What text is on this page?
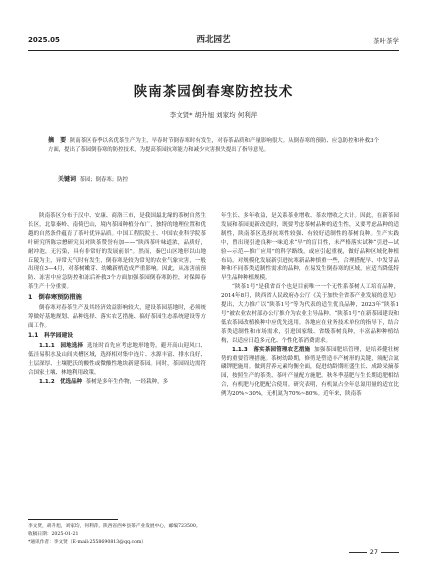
2025.05	西北园艺	茶叶茶学
陕南茶园倒春寒防控技术
李文贤* 胡升旭 刘家均 何利萍
摘　要 陕南茶区春季以名优茶生产为主，早春时节倒春寒时有发生，对春茶品质和产量影响很大。从倒春寒的预防、应急防控和补救3个方面，提出了茶园倒春寒的防控技术，为提高茶园抗寒能力和减少灾害损失提出了指导意见。
关键词 茶园；倒春寒；防控

陕南茶区分布于汉中、安康、商洛三市，是我国最北缘的茶树自然生长区，北靠秦岭、南倚巴山，境内茶园种植分布广，独特的地理位置和优越的自然条件蕴育了茶叶优异品质。中国工程院院士、中国农业科学院茶叶研究所陈宗懋研究员对陕茶赞誉有加——“陕西茶叶味道浓，品质好，耐冲泡，无污染，具有非常好的发展前景”。然而，秦巴山区地形以山地丘陵为主，异常天气时有发生，倒春寒是较为常见的农业气象灾害，一般出现在3—4月，对茶树嫩芽、幼嫩新梢造成严重影响。因此，从冻害前预防、冻害中应急防控和冻后补救3个方面加强茶园倒春寒防控，对保障春茶生产十分重要。

1　倒春寒预防措施

倒春寒对春茶生产及其经济效益影响较大，建设茶园基地时，必须统筹做好基地规划、品种选择、落实农艺措施、搞好茶园生态系统建设等方面工作。

1.1　科学园建设

1.1.1　园地选择 选址时首先应考虑地形地势，避开高山迎风口、低洼易积水及山间夹槽区域，选择相对集中连片、水源丰富、排水良好、土层深厚、土壤肥沃的酸性或微酸性地块新建茶园。同时，茶园周边需符合国家土壤、林地利用政策。

1.1.2　优选品种 茶树是多年生作物，一经栽种，多

年生长、多年收益，是关系茶业增收、茶农增收之大计。因此，在新茶园发展和茶园更新改造时，既要考虑茶树品种的适生性，又要考虑品种的适制性，陕南茶区选择抗寒性较强、有较好适制性的茶树良种。生产实践中，曾出现引进良种一味追求“早”的盲目性，未严格落实试种“引进—试验—示范—推广应用”的科学路线，或应引起重视，做好品种区域化种植布局，对规模化发展新引进抗寒新品种慎重一些，合理搭配早、中发芽品种和不同茶类适制性需求的品种，在易发生倒春寒的区域，应适当降低特早生品种种植规模。

“陕茶1号”是我省首个也是目前唯一一个无性系茶树人工培育品种，2014年8月，陕西省人民政府办公厅《关于加快全省茶产业发展的意见》提出，大力推广以“陕茶1号”等为代表的适生优良品种，2023年“陕茶1号”被农业农村部办公厅推介为农业主导品种。“陕茶1号”在新茶园建设和低农茶园改植换种中应优先选用。各地应在业务技术单位的指导下，结合茶类适制性和市场需求，引进国家级、省级茶树良种，丰富品种种植结构，以适应日趋多元化、个性化茶消费需求。

1.1.3　落实茶园管理农艺措施 加强茶园肥培管理，是培养健壮树势的重要管理措施。茶树幼龄期，修剪是塑造丰产树形的关键，须配合氮磷钾肥施用。做到营养元素均衡全面，促进幼龄期旺盛生长、成龄采摘茶园，按照生产的茶类、茶叶产量配方施肥，秋冬季基肥与生长期追肥相结合，有机肥与化肥配合使用。研究表明，有机氮占全年总氮用量的适宜比例为20%~30%，无机氮为70%~80%。近年来，陕南茶

李文贤，胡升旭，刘家均，何利萍，陕西省西乡县茶产业发展中心，邮编723500。
收稿日期：2025-01-21
*通讯作者：李文贤（E-mail:2558690813@qq.com）
27
